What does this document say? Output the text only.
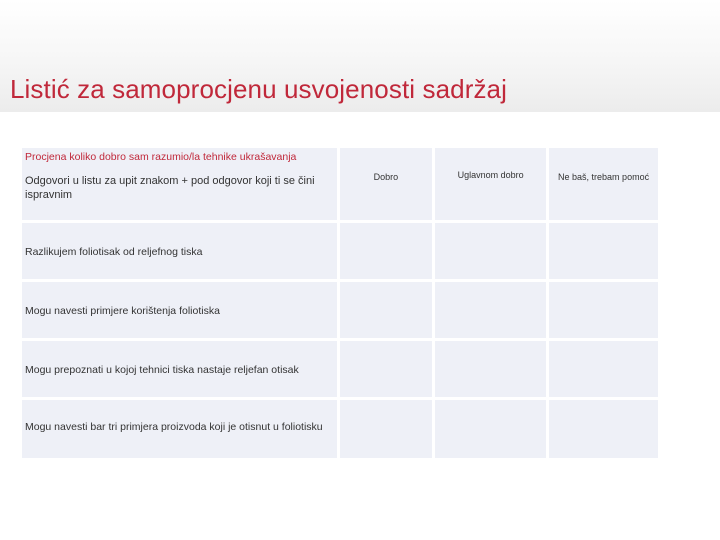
Listić za samoprocjenu usvojenosti sadržaj
Procjena koliko dobro sam razumio/la tehnike ukrašavanja
Odgovori u listu za upit znakom + pod odgovor koji ti se čini ispravnim	Dobro	Uglavnom dobro	Ne baš, trebam pomoć

Razlikujem foliotisak od reljefnog tiska			

Mogu navesti primjere korištenja foliotiska			

Mogu prepoznati u kojoj tehnici tiska nastaje reljefan otisak			

Mogu navesti bar tri primjera proizvoda koji je otisnut u foliotisku			
